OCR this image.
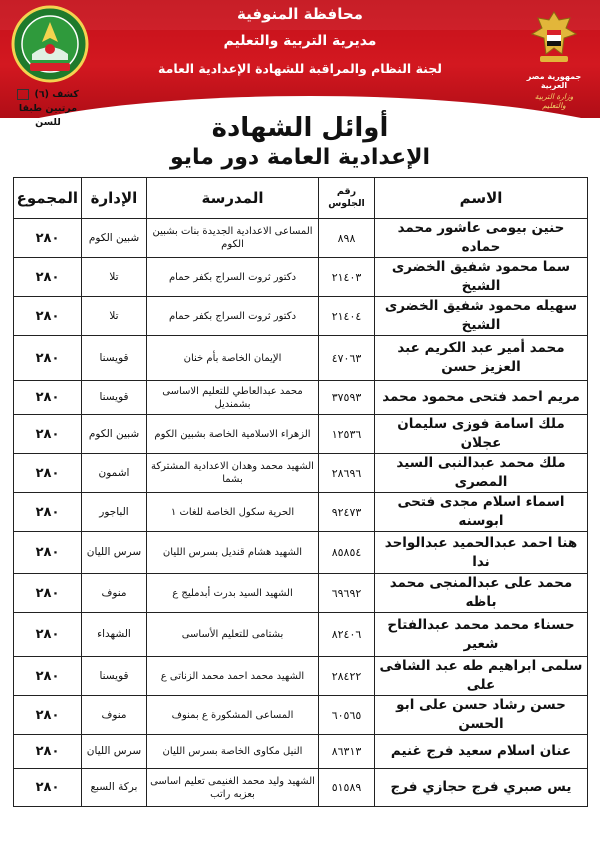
جمهورية مصر العربية
وزارة التربية والتعليم
محافظة المنوفية
مديرية التربية والتعليم
لجنة النظام والمراقبة للشهادة الإعدادية العامة
كشف (٦)
مرتبين طبقا للسن	أوائل الشهادة
الإعدادية العامة دور مايو
الاسم	رقم الجلوس	المدرسة	الإدارة	المجموع
حنين بيومى عاشور محمد حماده	٨٩٨	المساعى الاعدادية الجديدة بنات بشبين الكوم	شبين الكوم	٢٨٠
سما محمود شفيق الخضرى الشيخ	٢١٤٠٣	دكتور ثروت السراج بكفر حمام	تلا	٢٨٠
سهيله محمود شفيق الخضرى الشيخ	٢١٤٠٤	دكتور ثروت السراج بكفر حمام	تلا	٢٨٠
محمد أمير عبد الكريم عبد العزيز حسن	٤٧٠٦٣	الإيمان الخاصة بأم خنان	قويسنا	٢٨٠
مريم احمد فتحى محمود محمد	٣٧٥٩٣	محمد عبدالعاطي للتعليم الاساسى بشمنديل	قويسنا	٢٨٠
ملك اسامة فوزى سليمان عجلان	١٢٥٣٦	الزهراء الاسلامية الخاصة بشبين الكوم	شبين الكوم	٢٨٠
ملك محمد عبدالنبى السيد المصرى	٢٨٦٩٦	الشهيد محمد وهدان الاعدادية المشتركة بشما	اشمون	٢٨٠
اسماء اسلام مجدى فتحى ابوسنه	٩٢٤٧٣	الحرية سكول الخاصة للغات ١	الباجور	٢٨٠
هنا احمد عبدالحميد عبدالواحد ندا	٨٥٨٥٤	الشهيد هشام قنديل بسرس الليان	سرس الليان	٢٨٠
محمد على عبدالمنجى محمد باظه	٦٩٦٩٢	الشهيد السيد بدرت أبدمليج ع	منوف	٢٨٠
حسناء محمد محمد عبدالفتاح شعير	٨٢٤٠٦	بشتامى للتعليم الأساسى	الشهداء	٢٨٠
سلمى ابراهيم طه عبد الشافى على	٢٨٤٢٢	الشهيد محمد احمد محمد الزناتى ع	قويسنا	٢٨٠
حسن رشاد حسن على ابو الحسن	٦٠٥٦٥	المساعى المشكورة ع بمنوف	منوف	٢٨٠
عنان اسلام سعيد فرج غنيم	٨٦٣١٣	النيل مكاوى الخاصة بسرس الليان	سرس الليان	٢٨٠
يس صبري فرج حجازي فرج	٥١٥٨٩	الشهيد وليد محمد الغنيمى تعليم اساسى بعزبه راتب	بركة السبع	٢٨٠
